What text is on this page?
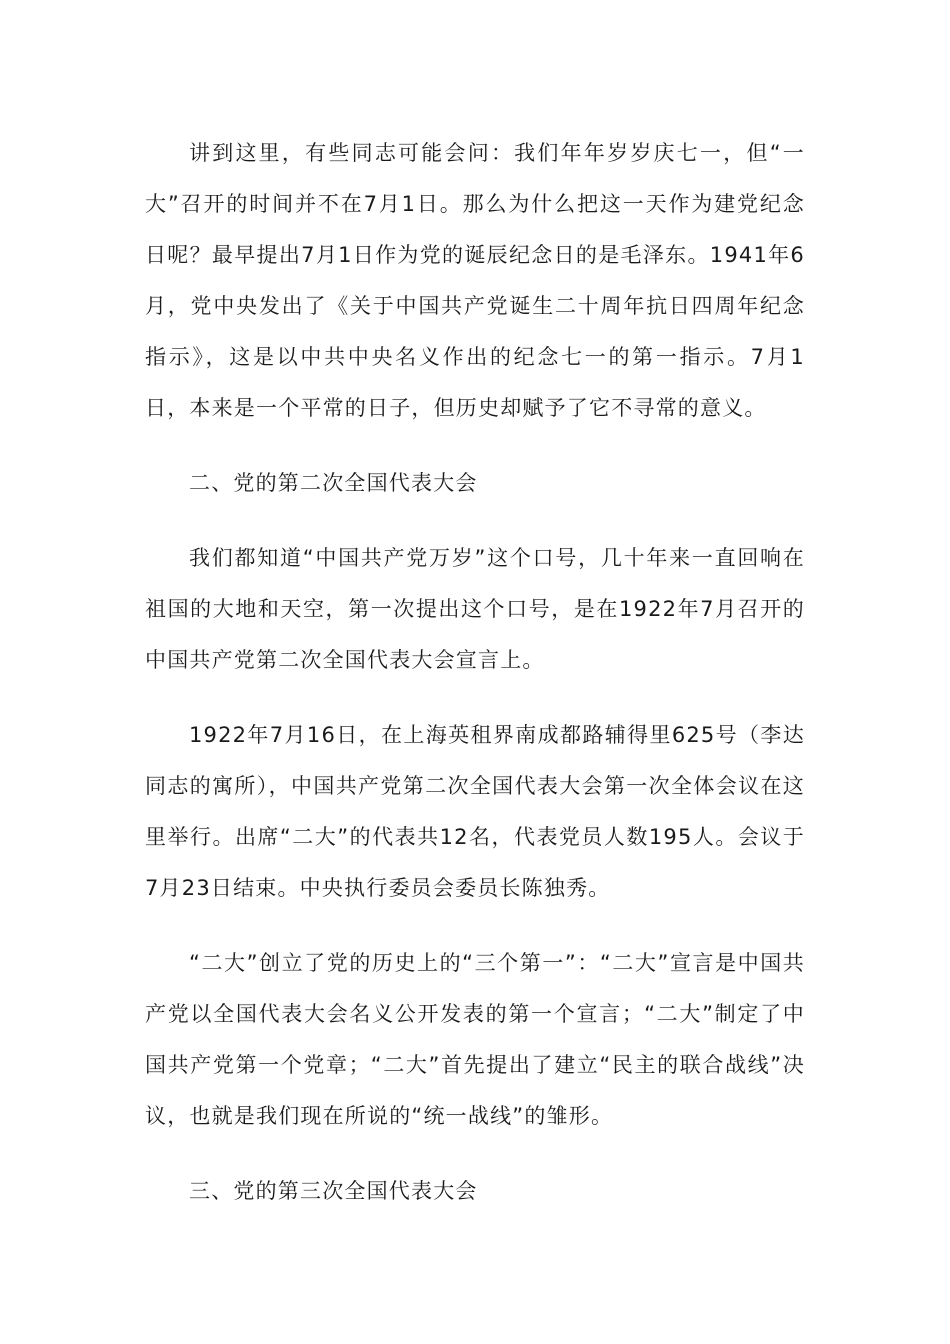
讲到这里，有些同志可能会问：我们年年岁岁庆七一，但“一大”召开的时间并不在7月1日。那么为什么把这一天作为建党纪念日呢？最早提出7月1日作为党的诞辰纪念日的是毛泽东。1941年6月，党中央发出了《关于中国共产党诞生二十周年抗日四周年纪念指示》，这是以中共中央名义作出的纪念七一的第一指示。7月1日，本来是一个平常的日子，但历史却赋予了它不寻常的意义。

二、党的第二次全国代表大会

我们都知道“中国共产党万岁”这个口号，几十年来一直回响在祖国的大地和天空，第一次提出这个口号，是在1922年7月召开的中国共产党第二次全国代表大会宣言上。

1922年7月16日，在上海英租界南成都路辅得里625号（李达同志的寓所），中国共产党第二次全国代表大会第一次全体会议在这里举行。出席“二大”的代表共12名，代表党员人数195人。会议于7月23日结束。中央执行委员会委员长陈独秀。

“二大”创立了党的历史上的“三个第一”：“二大”宣言是中国共产党以全国代表大会名义公开发表的第一个宣言；“二大”制定了中国共产党第一个党章；“二大”首先提出了建立“民主的联合战线”决议，也就是我们现在所说的“统一战线”的雏形。

三、党的第三次全国代表大会
